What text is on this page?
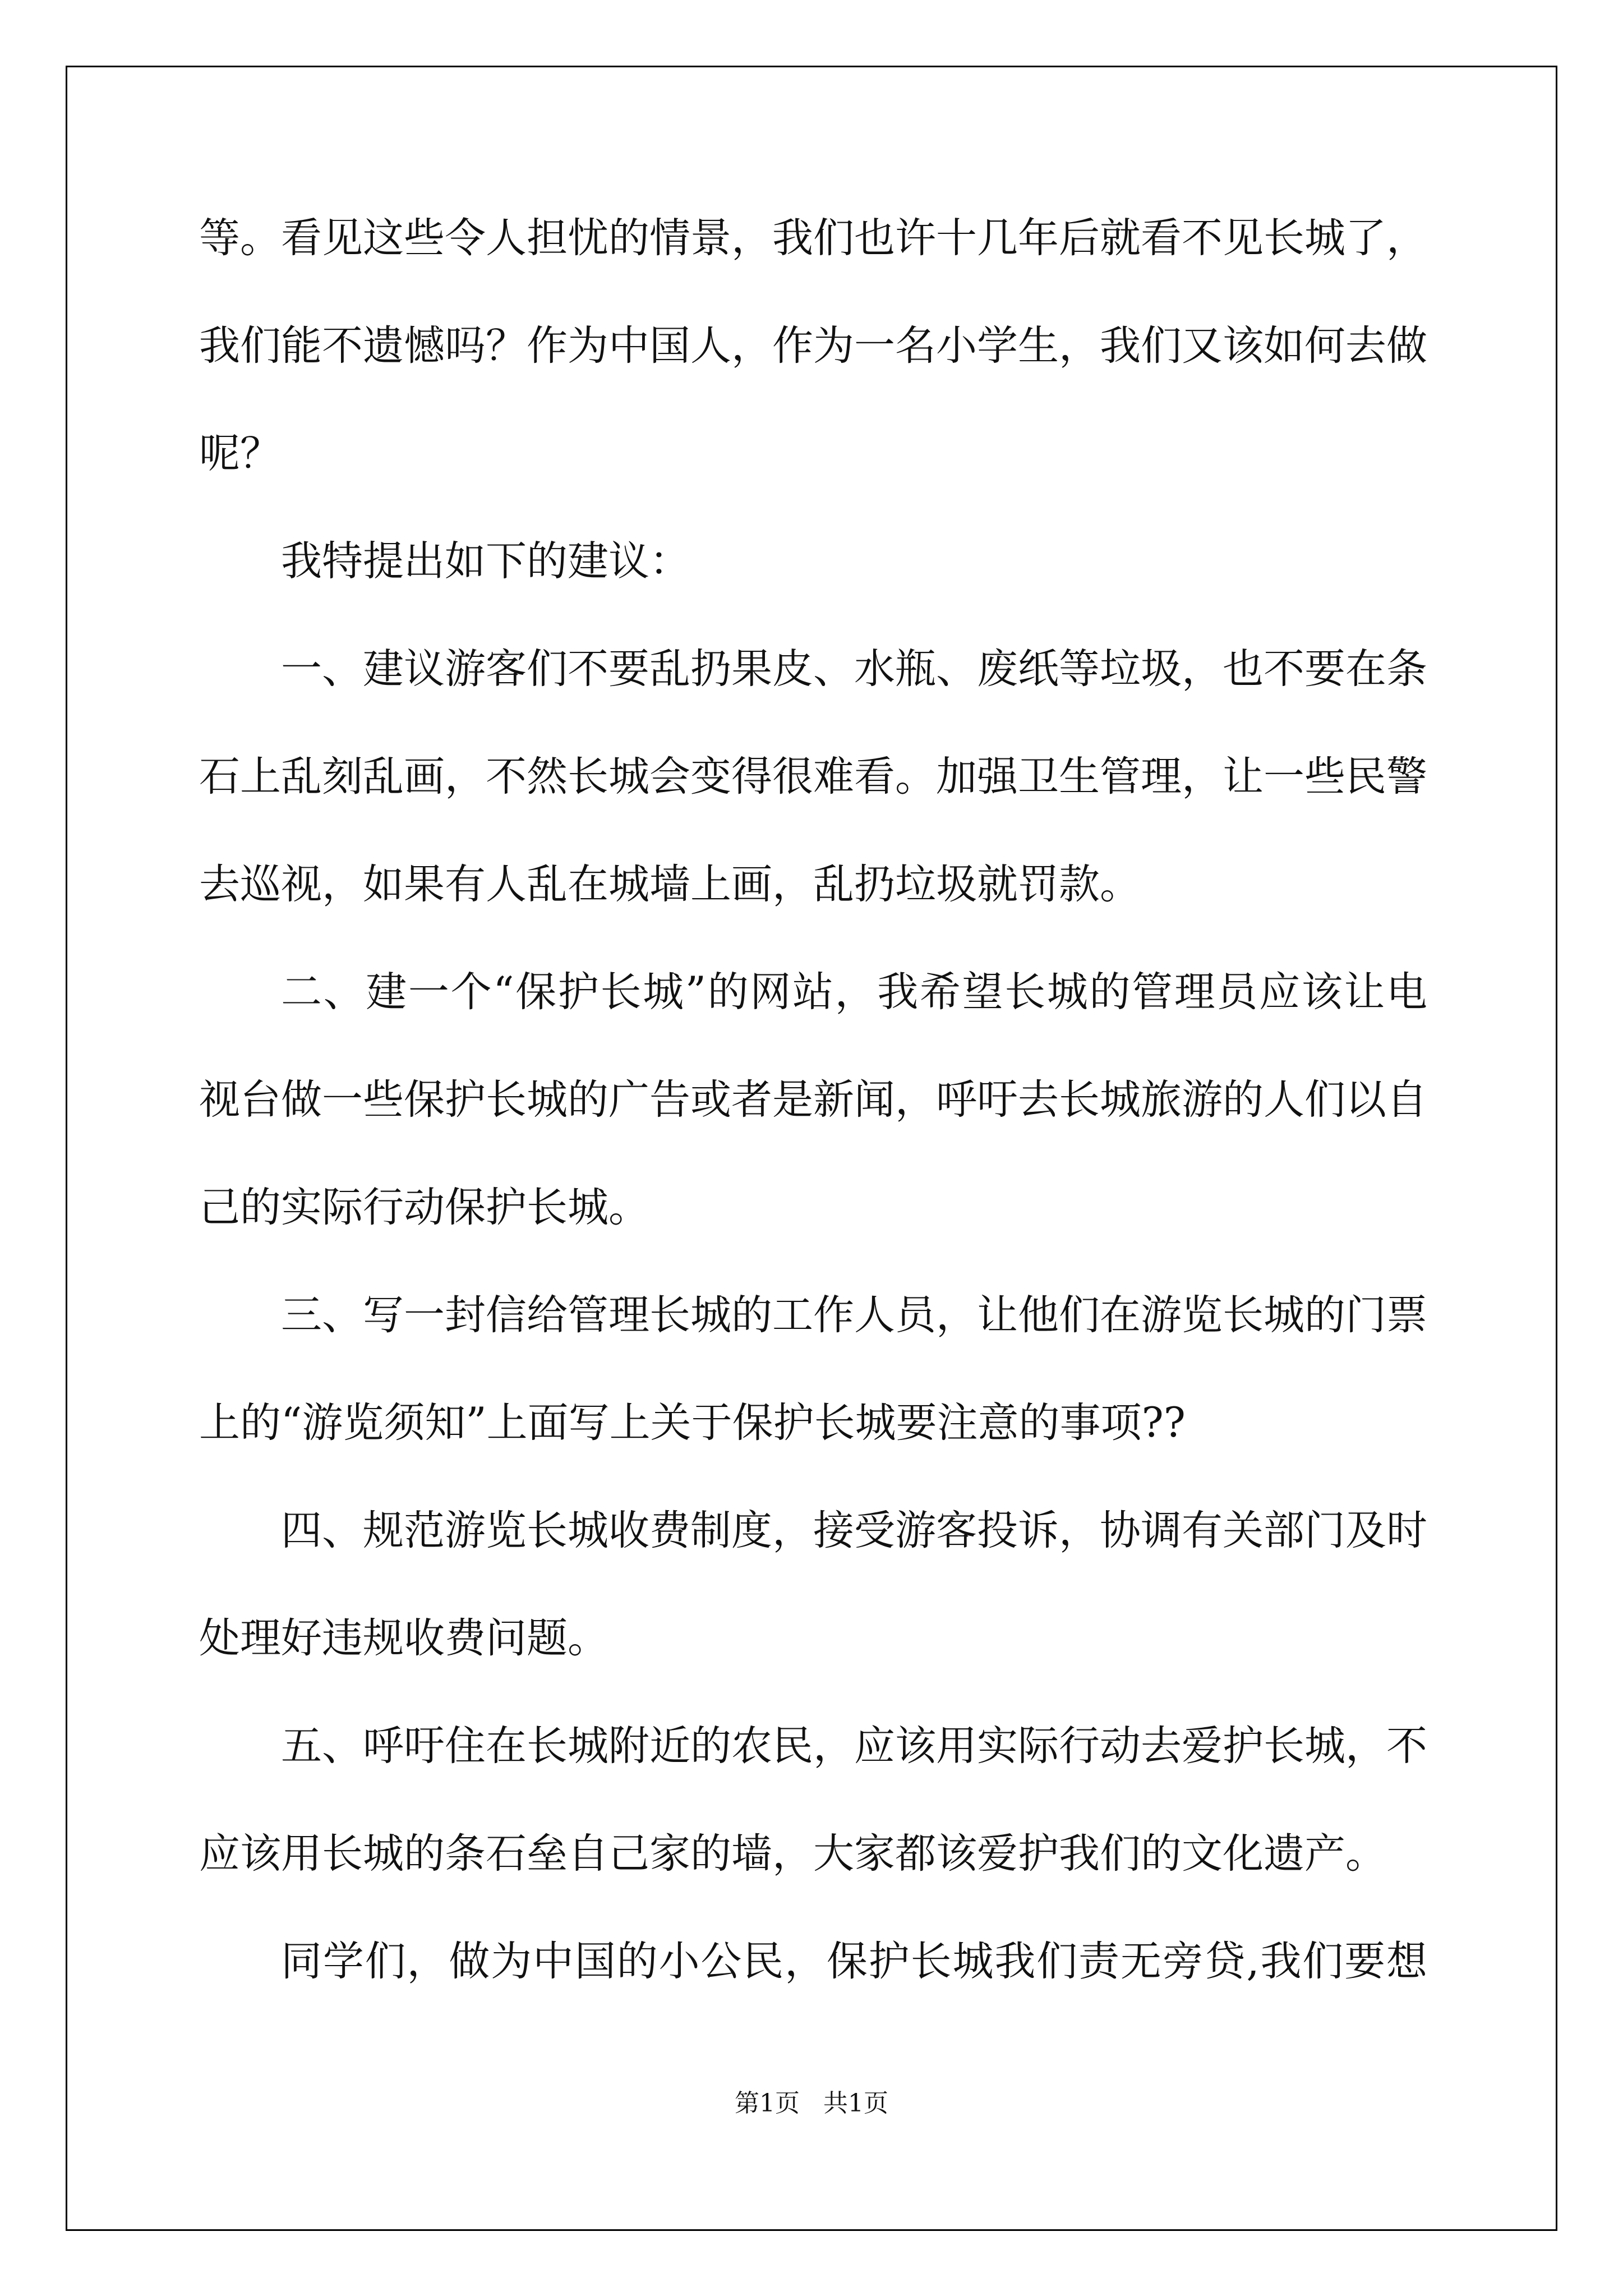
等。看见这些令人担忧的情景，我们也许十几年后就看不见长城了，
我们能不遗憾吗？作为中国人，作为一名小学生，我们又该如何去做
呢？
我特提出如下的建议：
一、建议游客们不要乱扔果皮、水瓶、废纸等垃圾，也不要在条
石上乱刻乱画，不然长城会变得很难看。加强卫生管理，让一些民警
去巡视，如果有人乱在城墙上画，乱扔垃圾就罚款。
二、建一个“保护长城”的网站，我希望长城的管理员应该让电
视台做一些保护长城的广告或者是新闻，呼吁去长城旅游的人们以自
己的实际行动保护长城。
三、写一封信给管理长城的工作人员，让他们在游览长城的门票
上的“游览须知”上面写上关于保护长城要注意的事项??
四、规范游览长城收费制度，接受游客投诉，协调有关部门及时
处理好违规收费问题。
五、呼吁住在长城附近的农民，应该用实际行动去爱护长城，不
应该用长城的条石垒自己家的墙，大家都该爱护我们的文化遗产。
同学们，做为中国的小公民，保护长城我们责无旁贷,我们要想
第1页   共1页
